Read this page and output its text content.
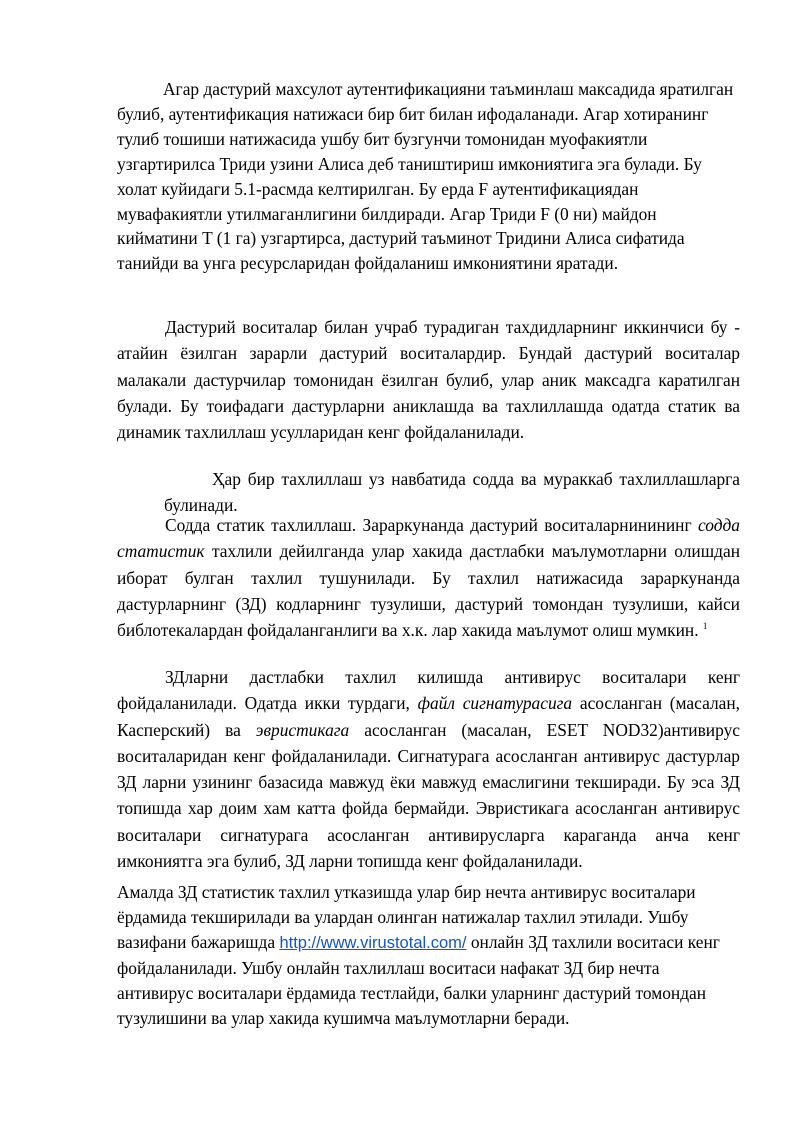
Агар дастурий махсулот аутентификацияни таъминлаш максадида яратилган булиб, аутентификация натижаси бир бит билан ифодаланади. Агар хотиранинг тулиб тошиши натижасида ушбу бит бузгунчи томонидан муофакиятли узгартирилса Триди узини Алиса деб таништириш имкониятига эга булади. Бу холат куйидаги 5.1-расмда келтирилган. Бу ерда F аутентификациядан мувафакиятли утилмаганлигини билдиради. Агар Триди F (0 ни) майдон кийматини T (1 га) узгартирса, дастурий таъминот Тридини Алиса сифатида танийди ва унга ресурсларидан фойдаланиш имкониятини яратади.

Дастурий воситалар билан учраб турадиган тахдидларнинг иккинчиси бу - атайин ёзилган зарарли дастурий воситалардир. Бундай дастурий воситалар малакали дастурчилар томонидан ёзилган булиб, улар аник максадга каратилган булади. Бу тоифадаги дастурларни аниклашда ва тахлиллашда одатда статик ва динамик тахлиллаш усулларидан кенг фойдаланилади.

Ҳар бир тахлиллаш уз навбатида содда ва мураккаб тахлиллашларга булинади.

Содда статик тахлиллаш. Зараркунанда дастурий воситаларнинининг содда статистик тахлили дейилганда улар хакида дастлабки маълумотларни олишдан иборат булган тахлил тушунилади. Бу тахлил натижасида зараркунанда дастурларнинг (ЗД) кодларнинг тузулиши, дастурий томондан тузулиши, кайси библотекалардан фойдаланганлиги ва х.к. лар хакида маълумот олиш мумкин. $^1$

ЗДларни дастлабки тахлил килишда антивирус воситалари кенг фойдаланилади. Одатда икки турдаги, файл сигнатурасига асосланган (масалан, Касперский) ва эвристикага асосланган (масалан, ESET NOD32)антивирус воситаларидан кенг фойдаланилади. Сигнатурага асосланган антивирус дастурлар ЗД ларни узининг базасида мавжуд ёки мавжуд емаслигини текширади. Бу эса ЗД топишда хар доим хам катта фойда бермайди. Эвристикага асосланган антивирус воситалари сигнатурага асосланган антивирусларга караганда анча кенг имкониятга эга булиб, ЗД ларни топишда кенг фойдаланилади.

Амалда ЗД статистик тахлил утказишда улар бир нечта антивирус воситалари ёрдамида текширилади ва улардан олинган натижалар тахлил этилади. Ушбу вазифани бажаришда http://www.virustotal.com/ онлайн ЗД тахлили воситаси кенг фойдаланилади. Ушбу онлайн тахлиллаш воситаси нафакат ЗД бир нечта антивирус воситалари ёрдамида тестлайди, балки уларнинг дастурий томондан тузулишини ва улар хакида кушимча маълумотларни беради.
